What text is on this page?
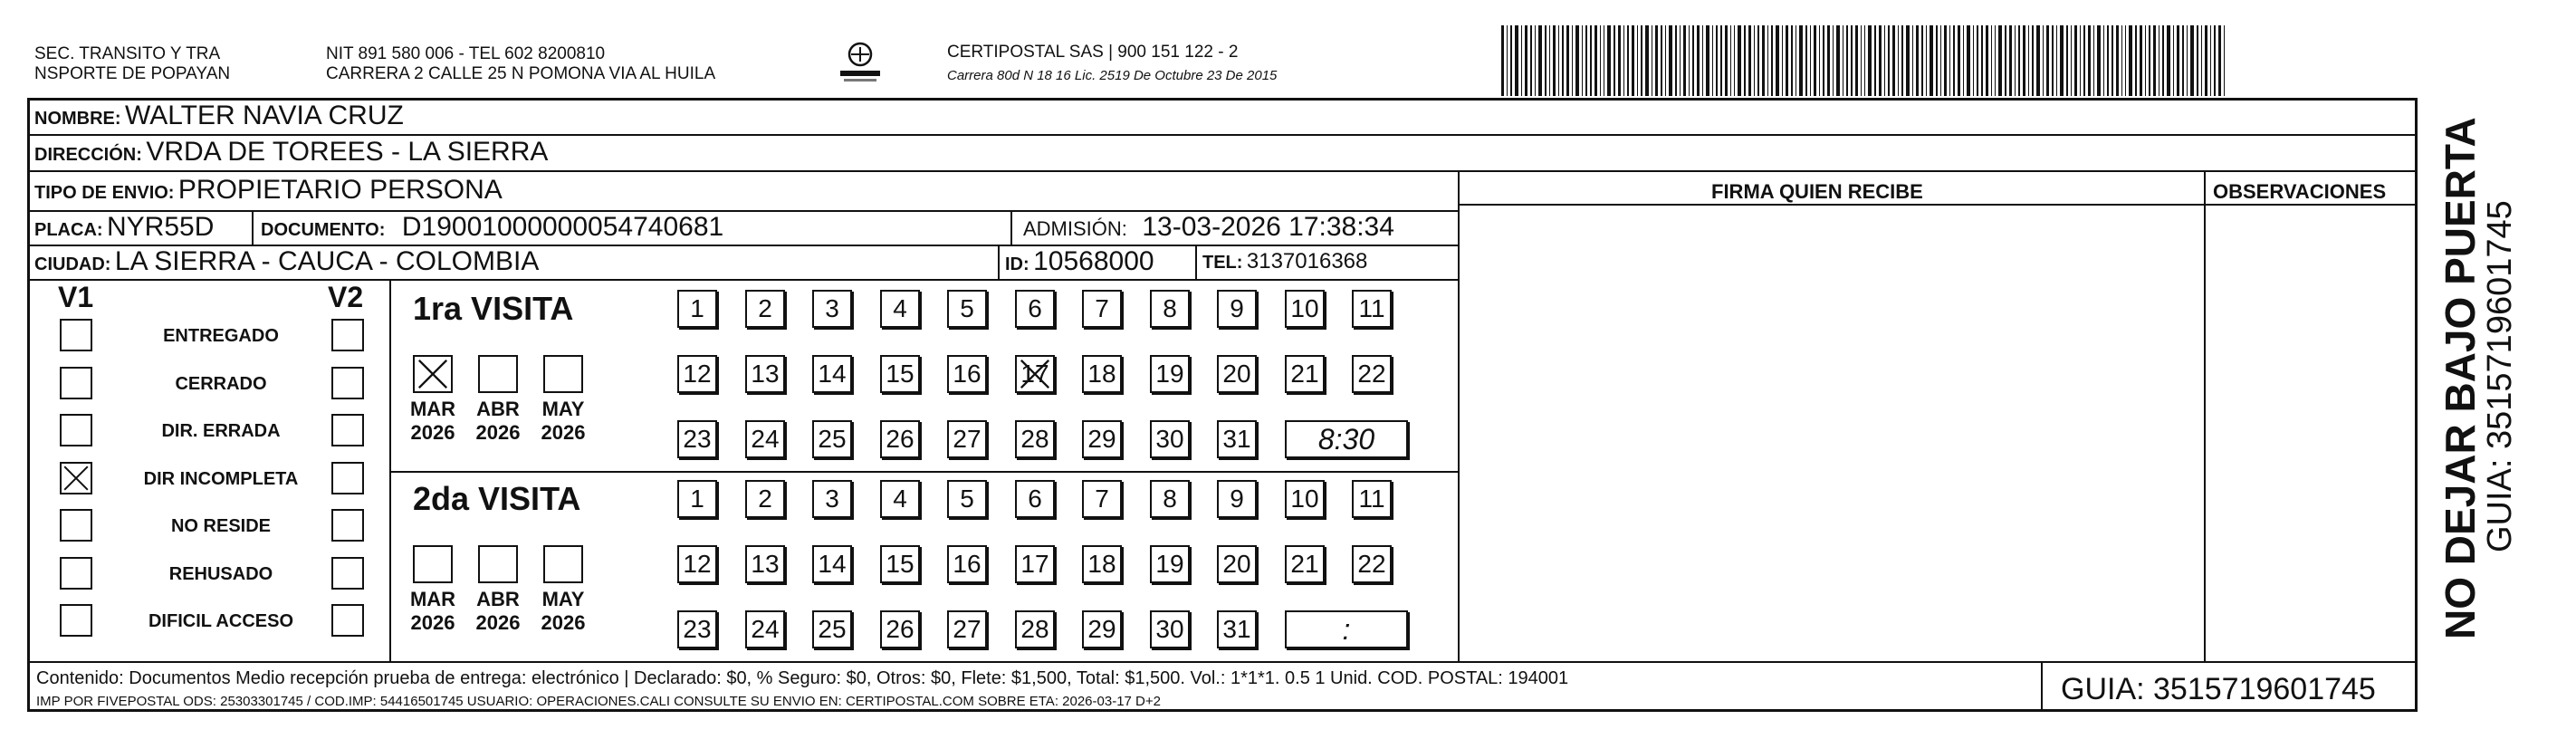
SEC. TRANSITO Y TRA
NSPORTE DE POPAYAN
NIT 891 580 006 - TEL 602 8200810
CARRERA 2 CALLE 25 N POMONA VIA AL HUILA
CERTIPOSTAL SAS | 900 151 122 - 2
Carrera 80d N 18 16 Lic. 2519 De Octubre 23 De 2015
NOMBRE: WALTER NAVIA CRUZ
DIRECCIÓN: VRDA DE TOREES - LA SIERRA
TIPO DE ENVIO: PROPIETARIO PERSONA	FIRMA QUIEN RECIBE	OBSERVACIONES
PLACA: NYR55D	DOCUMENTO: D19001000000054740681	ADMISIÓN: 13-03-2026 17:38:34
CIUDAD: LA SIERRA - CAUCA - COLOMBIA	ID: 10568000	TEL: 3137016368
V1	V2
ENTREGADO
CERRADO
DIR. ERRADA
DIR INCOMPLETA
NO RESIDE
REHUSADO
DIFICIL ACCESO
1ra VISITA
MAR
2026
ABR
2026
MAY
2026
1	2	3	4	5	6	7	8	9	10 11
12 13 14 15 16 17 18 19 20 21 22
23 24 25 26 27 28 29 30 31	8:30
2da VISITA
MAR
2026
ABR
2026
MAY
2026
1	2	3	4	5	6	7	8	9	10 11
12 13 14 15 16 17 18 19 20 21 22
23 24 25 26 27 28 29 30 31	:
Contenido: Documentos Medio recepción prueba de entrega: electrónico | Declarado: $0, % Seguro: $0, Otros: $0, Flete: $1,500, Total: $1,500. Vol.: 1*1*1. 0.5 1 Unid. COD. POSTAL: 194001
IMP POR FIVEPOSTAL ODS: 25303301745 / COD.IMP: 54416501745 USUARIO: OPERACIONES.CALI CONSULTE SU ENVIO EN: CERTIPOSTAL.COM SOBRE ETA: 2026-03-17 D+2	GUIA: 3515719601745
NO DEJAR BAJO PUERTA
GUIA: 3515719601745
